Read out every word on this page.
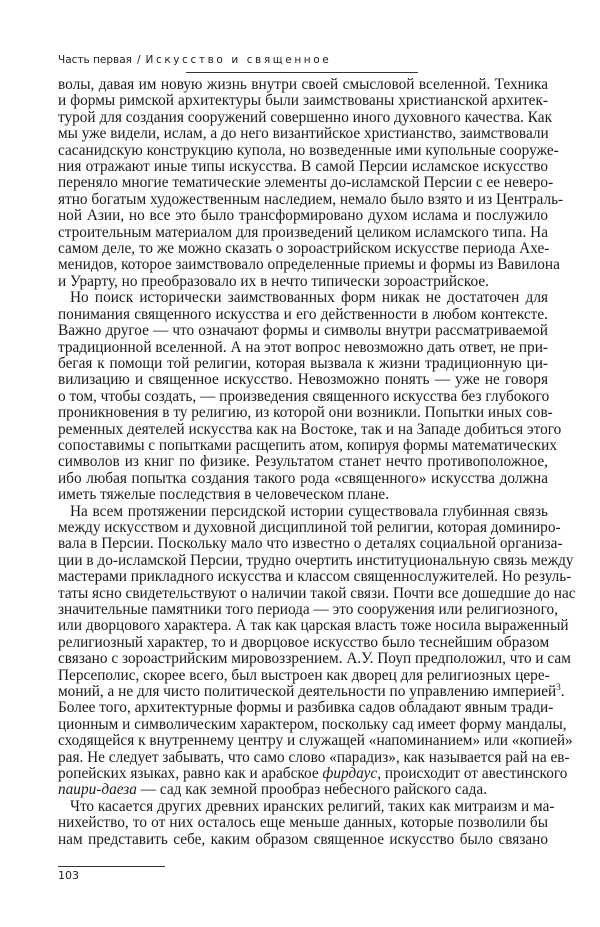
Часть первая / Искусство и священное
волы, давая им новую жизнь внутри своей смысловой вселенной. Техника
и формы римской архитектуры были заимствованы христианской архитек-
турой для создания сооружений совершенно иного духовного качества. Как
мы уже видели, ислам, а до него византийское христианство, заимствовали
сасанидскую конструкцию купола, но возведенные ими купольные сооруже-
ния отражают иные типы искусства. В самой Персии исламское искусство
переняло многие тематические элементы до-исламской Персии с ее неверо-
ятно богатым художественным наследием, немало было взято и из Централь-
ной Азии, но все это было трансформировано духом ислама и послужило
строительным материалом для произведений целиком исламского типа. На
самом деле, то же можно сказать о зороастрийском искусстве периода Ахе-
менидов, которое заимствовало определенные приемы и формы из Вавилона
и Урарту, но преобразовало их в нечто типически зороастрийское.
Но поиск исторически заимствованных форм никак не достаточен для
понимания священного искусства и его действенности в любом контексте.
Важно другое — что означают формы и символы внутри рассматриваемой
традиционной вселенной. А на этот вопрос невозможно дать ответ, не при-
бегая к помощи той религии, которая вызвала к жизни традиционную ци-
вилизацию и священное искусство. Невозможно понять — уже не говоря
о том, чтобы создать, — произведения священного искусства без глубокого
проникновения в ту религию, из которой они возникли. Попытки иных сов-
ременных деятелей искусства как на Востоке, так и на Западе добиться этого
сопоставимы с попытками расщепить атом, копируя формы математических
символов из книг по физике. Результатом станет нечто противоположное,
ибо любая попытка создания такого рода «священного» искусства должна
иметь тяжелые последствия в человеческом плане.
На всем протяжении персидской истории существовала глубинная связь
между искусством и духовной дисциплиной той религии, которая доминиро-
вала в Персии. Поскольку мало что известно о деталях социальной организа-
ции в до-исламской Персии, трудно очертить институциональную связь между
мастерами прикладного искусства и классом священнослужителей. Но резуль-
таты ясно свидетельствуют о наличии такой связи. Почти все дошедшие до нас
значительные памятники того периода — это сооружения или религиозного,
или дворцового характера. А так как царская власть тоже носила выраженный
религиозный характер, то и дворцовое искусство было теснейшим образом
связано с зороастрийским мировоззрением. А.У. Поуп предположил, что и сам
Персеполис, скорее всего, был выстроен как дворец для религиозных цере-
моний, а не для чисто политической деятельности по управлению империей$^3$.
Более того, архитектурные формы и разбивка садов обладают явным тради-
ционным и символическим характером, поскольку сад имеет форму мандалы,
сходящейся к внутреннему центру и служащей «напоминанием» или «копией»
рая. Не следует забывать, что само слово «парадиз», как называется рай на ев-
ропейских языках, равно как и арабское фирдаус, происходит от авестинского
паири-даеза — сад как земной прообраз небесного райского сада.
Что касается других древних иранских религий, таких как митраизм и ма-
нихейство, то от них осталось еще меньше данных, которые позволили бы
нам представить себе, каким образом священное искусство было связано
103
